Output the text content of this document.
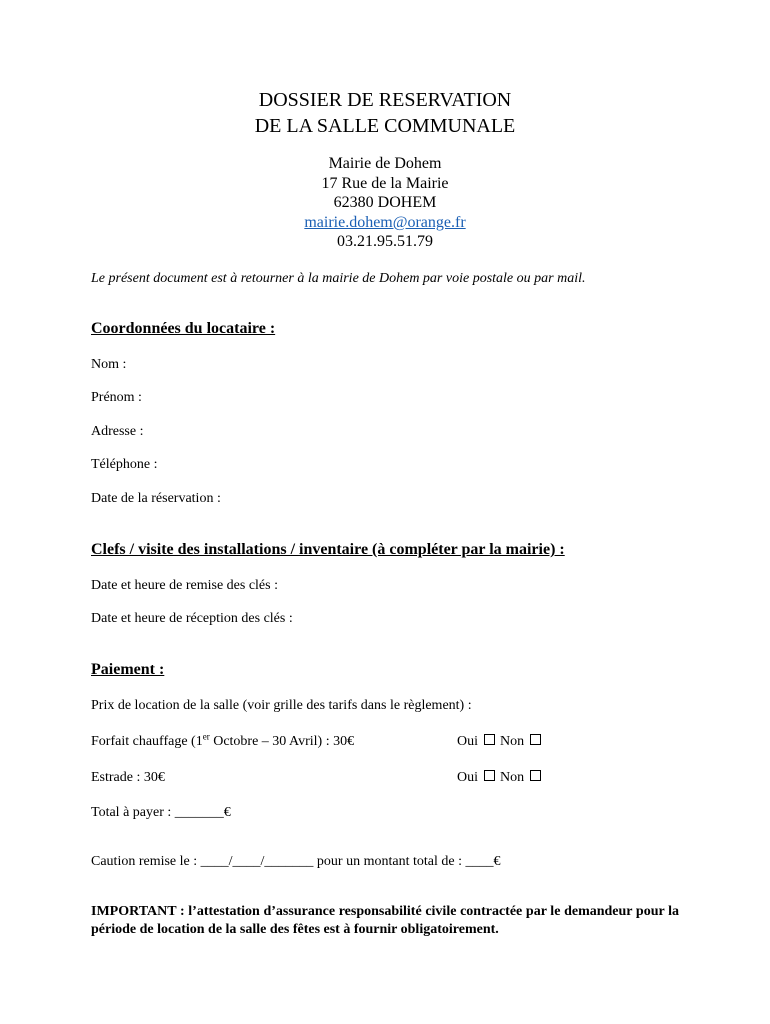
DOSSIER DE RESERVATION
DE LA SALLE COMMUNALE
Mairie de Dohem
17 Rue de la Mairie
62380 DOHEM
mairie.dohem@orange.fr
03.21.95.51.79
Le présent document est à retourner à la mairie de Dohem par voie postale ou par mail.
Coordonnées du locataire :
Nom :
Prénom :
Adresse :
Téléphone :
Date de la réservation :
Clefs / visite des installations / inventaire (à compléter par la mairie) :
Date et heure de remise des clés :
Date et heure de réception des clés :
Paiement :
Prix de location de la salle (voir grille des tarifs dans le règlement) :
Forfait chauffage (1er Octobre – 30 Avril) : 30€	Oui Non
Estrade : 30€	Oui Non
Total à payer : _______€
Caution remise le : ____/____/_______ pour un montant total de : ____€
IMPORTANT : l’attestation d’assurance responsabilité civile contractée par le demandeur pour la période de location de la salle des fêtes est à fournir obligatoirement.
